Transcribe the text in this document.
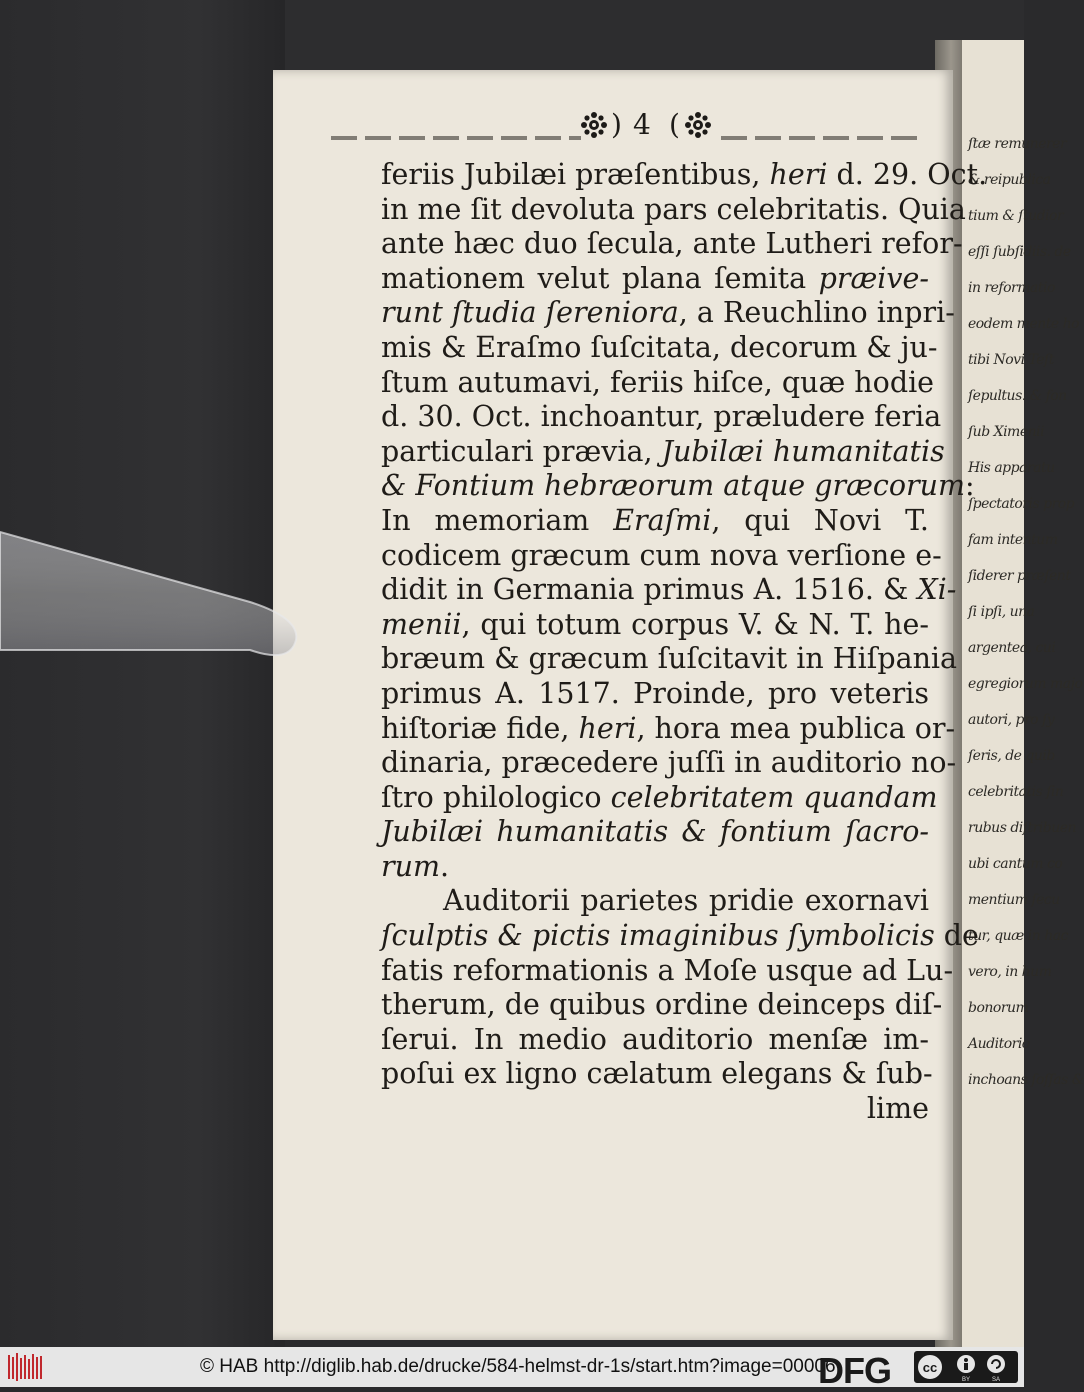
ſtæ remunerer
& reipublica
tium & ſtudior
eſſi ſubſidiis. de
in reformatio
eodem mente ho
tibi Novi Teſt
ſepultus. & fon
ſub Ximenii
His apparatu
ſpectatoris prop
fam intentum
ſiderer præſent
ſi ipſi, una
argentea, cui
egregiorum majo
autori, pro ſy
ſeris, de quib
celebritatis ſin
rubus diſtribuen
ubi cantum co
mentium ſecu
tur, quæ in hac
vero, in hum
bonorum
Auditorio
inchoans ſoſſas &
) 4 (
feriis Jubilæi præſentibus, heri d. 29. Oct.
in me ſit devoluta pars celebritatis. Quia
ante hæc duo ſecula, ante Lutheri refor-
mationem velut plana ſemita præive-
runt ſtudia ſereniora, a Reuchlino inpri-
mis & Eraſmo ſuſcitata, decorum & ju-
ſtum autumavi, feriis hiſce, quæ hodie
d. 30. Oct. inchoantur, præludere feria
particulari prævia, Jubilæi humanitatis
& Fontium hebræorum atque græcorum:
In memoriam Eraſmi, qui Novi T.
codicem græcum cum nova verſione e-
didit in Germania primus A. 1516. & Xi-
menii, qui totum corpus V. & N. T. he-
bræum & græcum ſuſcitavit in Hiſpania
primus A. 1517. Proinde, pro veteris
hiſtoriæ fide, heri, hora mea publica or-
dinaria, præcedere juſſi in auditorio no-
ſtro philologico celebritatem quandam
Jubilæi humanitatis & fontium ſacro-
rum.
Auditorii parietes pridie exornavi
ſculptis & pictis imaginibus ſymbolicis de
fatis reformationis a Moſe usque ad Lu-
therum, de quibus ordine deinceps diſ-
ſerui. In medio auditorio menſæ im-
poſui ex ligno cælatum elegans & ſub-
lime
© HAB http://diglib.hab.de/drucke/584-helmst-dr-1s/start.htm?image=00006
DFG cc
BY	SA
